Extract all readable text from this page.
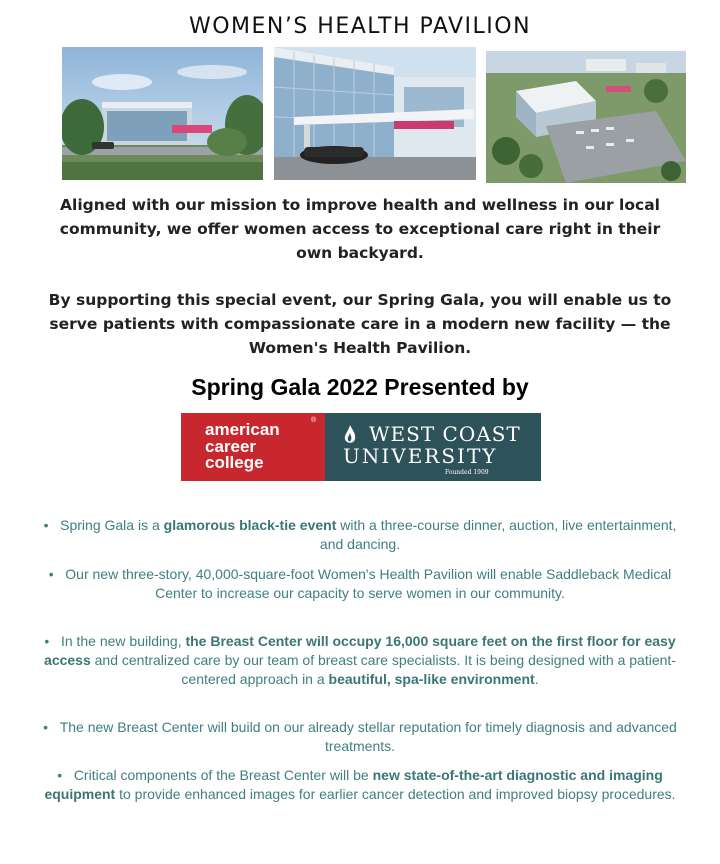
WOMEN’S HEALTH PAVILION
Aligned with our mission to improve health and wellness in our local community, we offer women access to exceptional care right in their own backyard.
By supporting this special event, our Spring Gala, you will enable us to serve patients with compassionate care in a modern new facility — the Women's Health Pavilion.
Spring Gala 2022 Presented by
american
career
college
®
WEST COAST
UNIVERSITY
Founded 1909
• Spring Gala is a glamorous black-tie event with a three-course dinner, auction, live entertainment, and dancing.
• Our new three-story, 40,000-square-foot Women's Health Pavilion will enable Saddleback Medical Center to increase our capacity to serve women in our community.
• In the new building, the Breast Center will occupy 16,000 square feet on the first floor for easy access and centralized care by our team of breast care specialists. It is being designed with a patient-centered approach in a beautiful, spa-like environment.
• The new Breast Center will build on our already stellar reputation for timely diagnosis and advanced treatments.
• Critical components of the Breast Center will be new state-of-the-art diagnostic and imaging equipment to provide enhanced images for earlier cancer detection and improved biopsy procedures.
